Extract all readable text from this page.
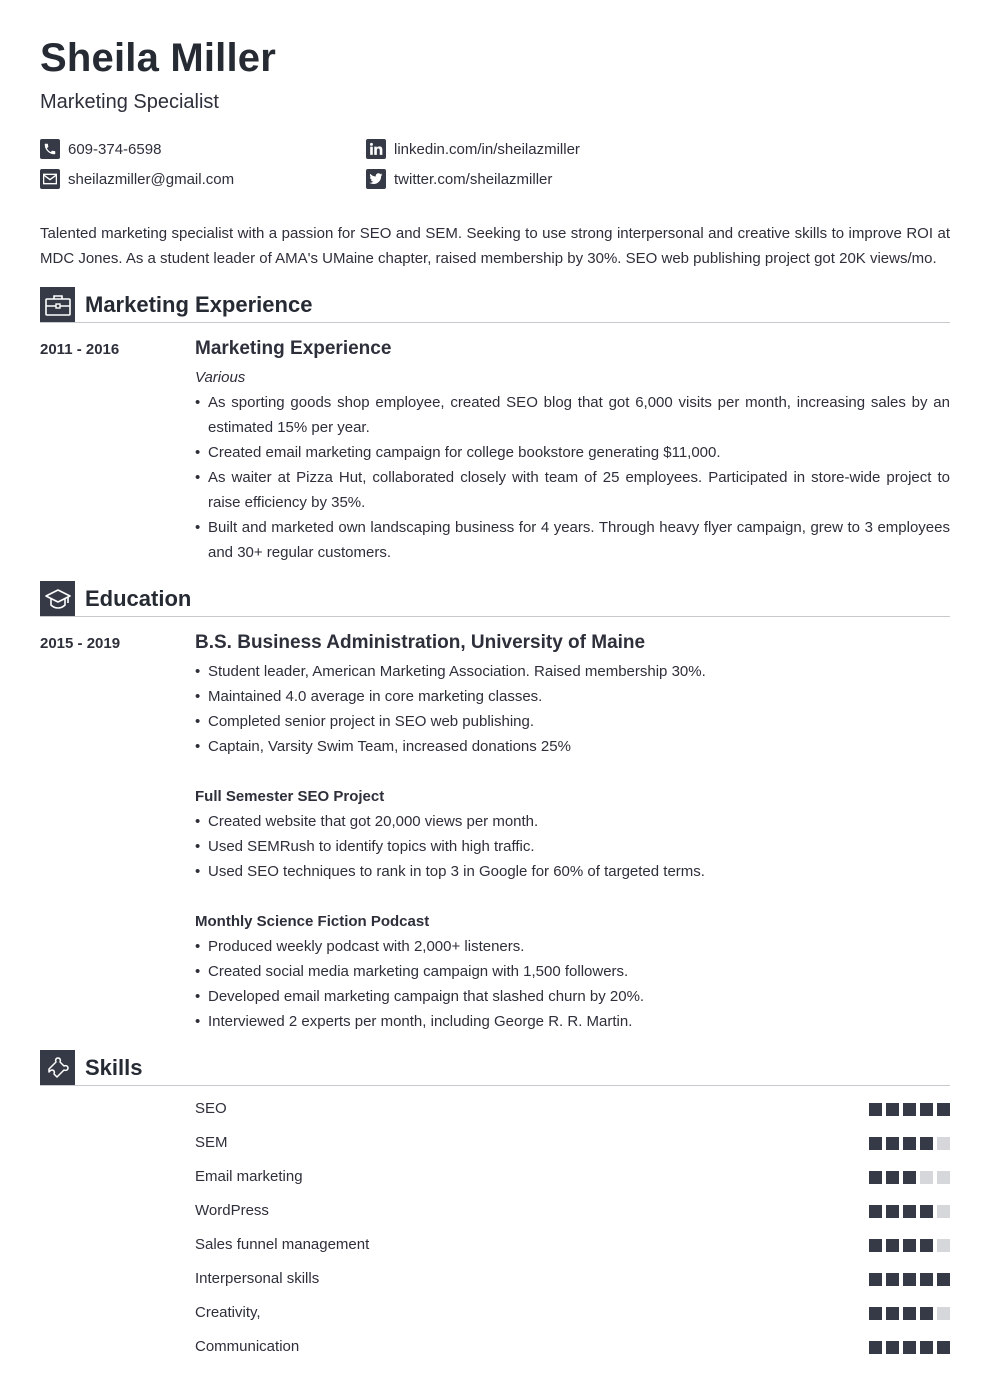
Sheila Miller
Marketing Specialist
609-374-6598
sheilazmiller@gmail.com
linkedin.com/in/sheilazmiller
twitter.com/sheilazmiller
Talented marketing specialist with a passion for SEO and SEM. Seeking to use strong interpersonal and creative skills to improve ROI at MDC Jones. As a student leader of AMA's UMaine chapter, raised membership by 30%. SEO web publishing project got 20K views/mo.
Marketing Experience
2011 - 2016	Marketing Experience
Various
• As sporting goods shop employee, created SEO blog that got 6,000 visits per month, increasing sales by an estimated 15% per year.
• Created email marketing campaign for college bookstore generating $11,000.
• As waiter at Pizza Hut, collaborated closely with team of 25 employees. Participated in store-wide project to raise efficiency by 35%.
• Built and marketed own landscaping business for 4 years. Through heavy flyer campaign, grew to 3 employees and 30+ regular customers.
Education
2015 - 2019	B.S. Business Administration, University of Maine
• Student leader, American Marketing Association. Raised membership 30%.
• Maintained 4.0 average in core marketing classes.
• Completed senior project in SEO web publishing.
• Captain, Varsity Swim Team, increased donations 25%
Full Semester SEO Project
• Created website that got 20,000 views per month.
• Used SEMRush to identify topics with high traffic.
• Used SEO techniques to rank in top 3 in Google for 60% of targeted terms.
Monthly Science Fiction Podcast
• Produced weekly podcast with 2,000+ listeners.
• Created social media marketing campaign with 1,500 followers.
• Developed email marketing campaign that slashed churn by 20%.
• Interviewed 2 experts per month, including George R. R. Martin.
Skills
SEO
SEM
Email marketing
WordPress
Sales funnel management
Interpersonal skills
Creativity,
Communication
